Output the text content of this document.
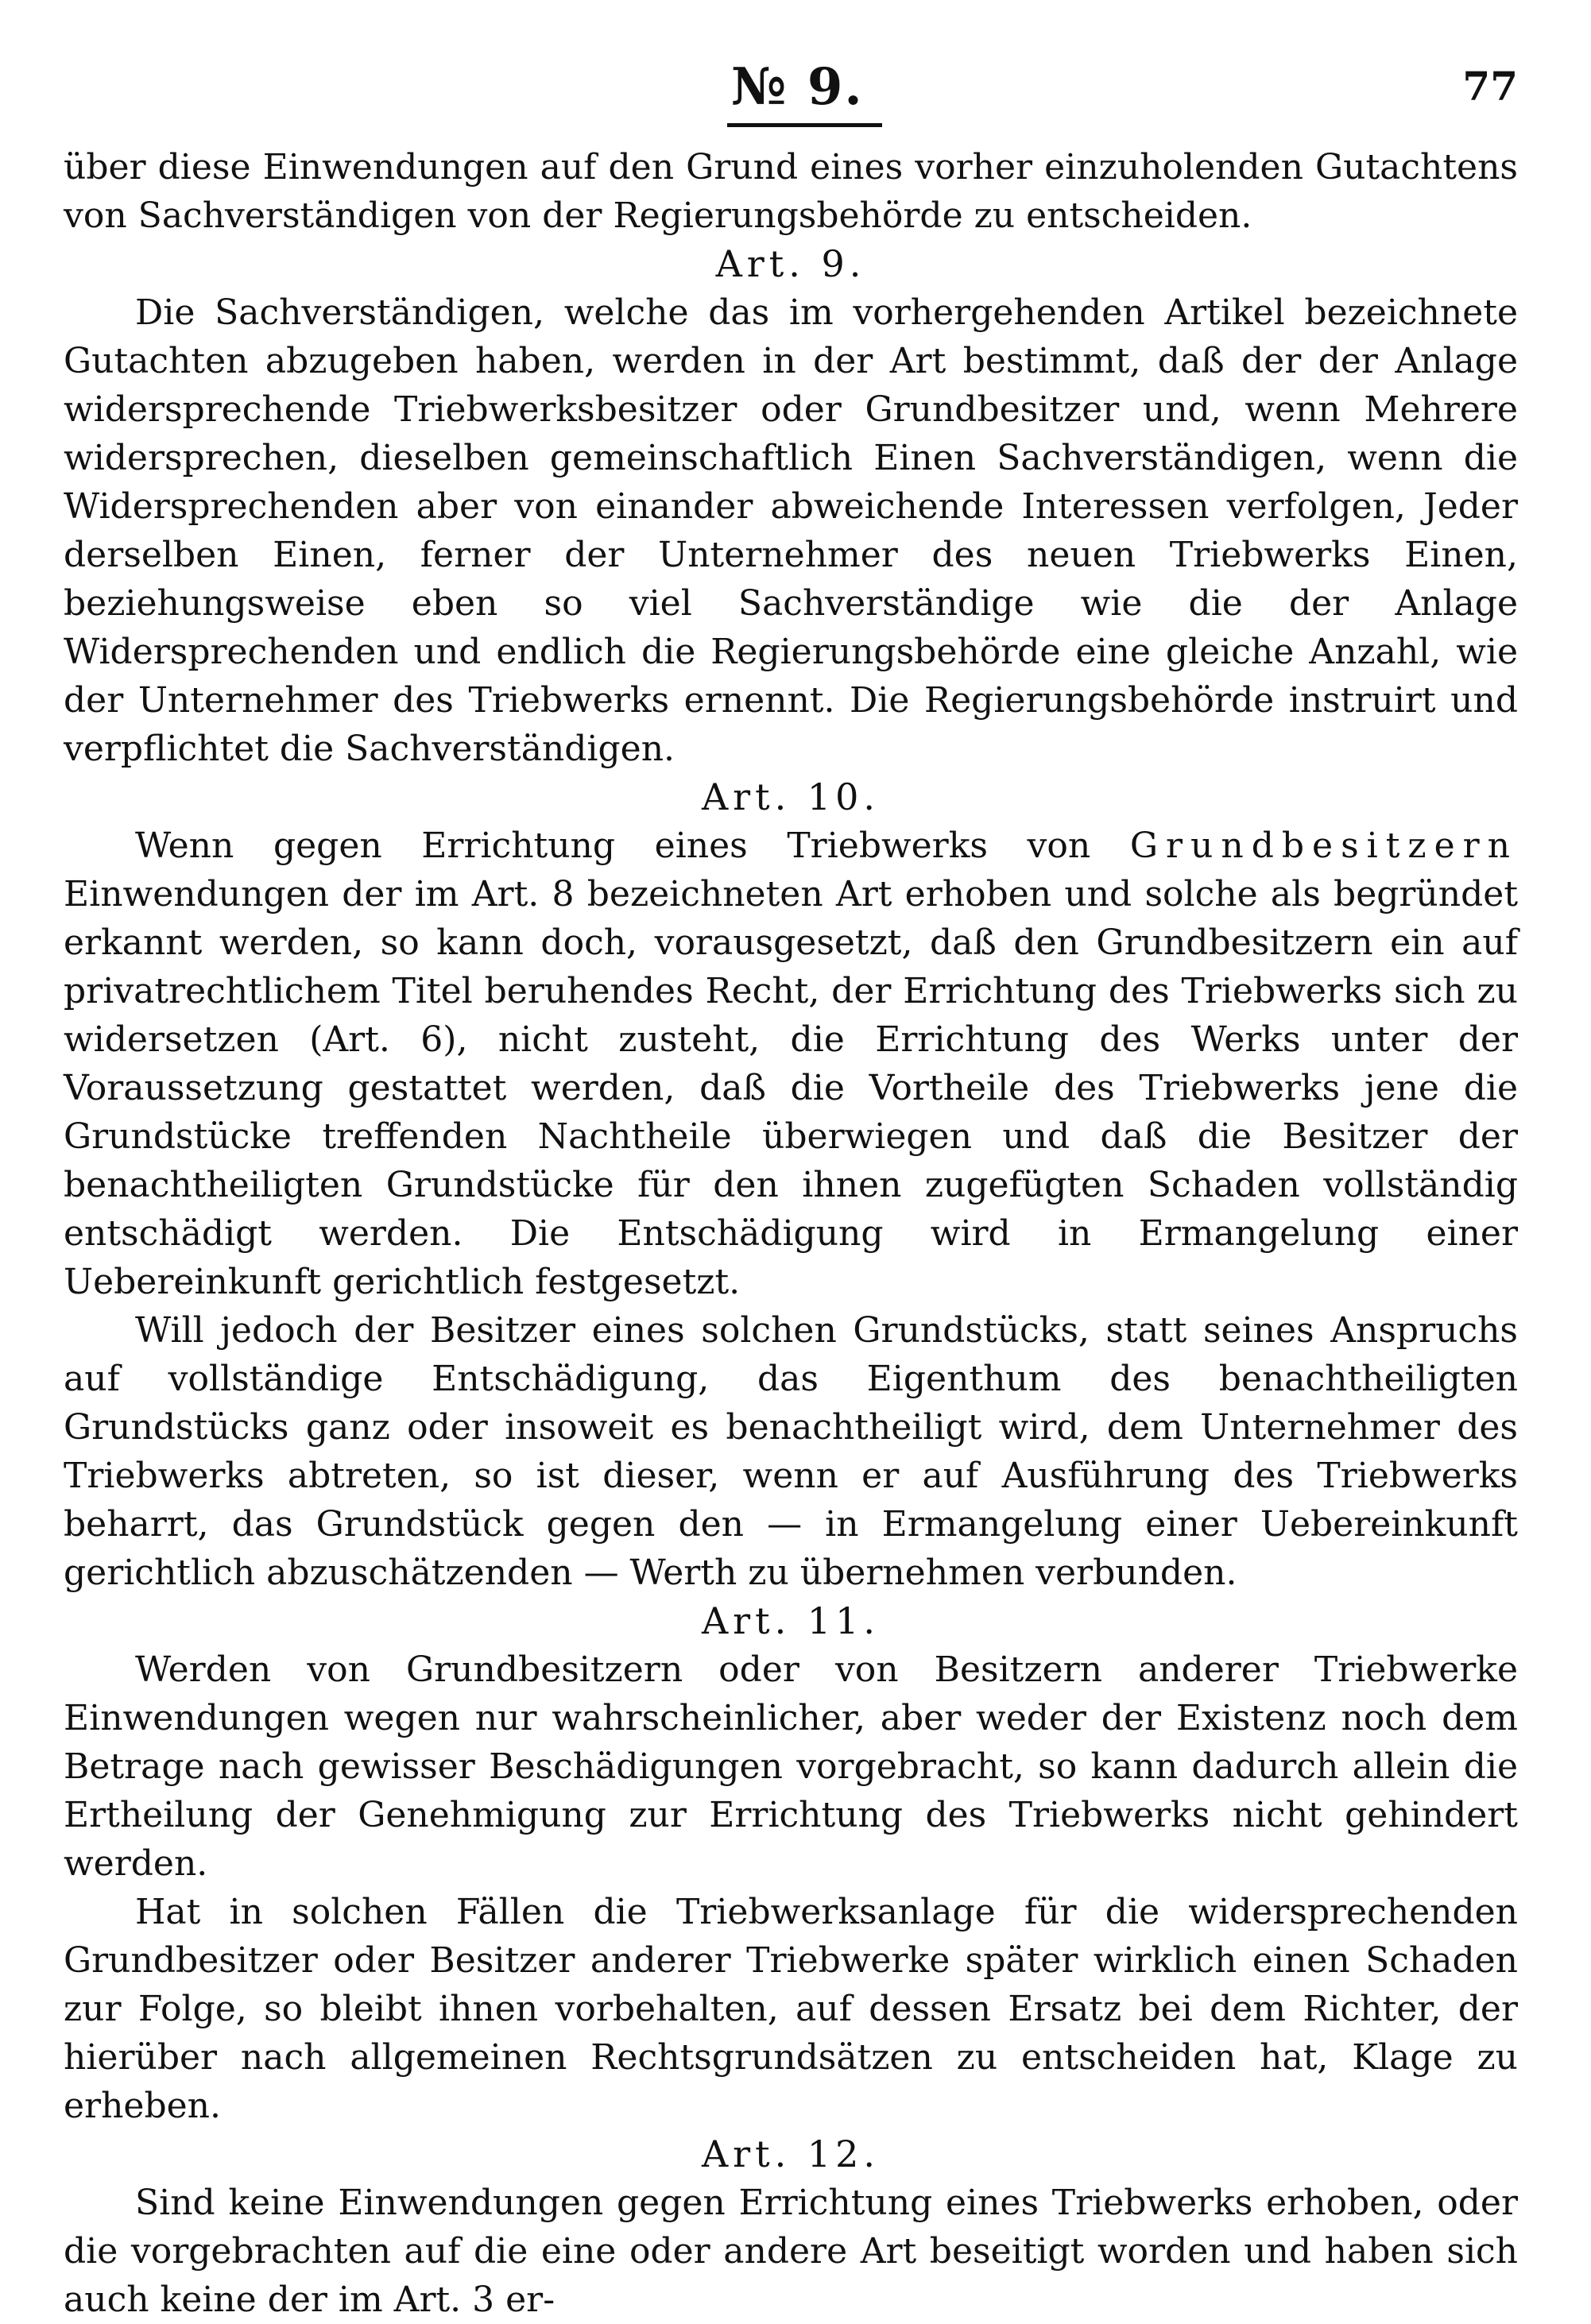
№ 9.	77

über diese Einwendungen auf den Grund eines vorher einzuholenden Gutachtens von Sachverständigen von der Regierungsbehörde zu entscheiden.

Art. 9.

Die Sachverständigen, welche das im vorhergehenden Artikel bezeichnete Gutachten abzugeben haben, werden in der Art bestimmt, daß der der Anlage widersprechende Triebwerksbesitzer oder Grundbesitzer und, wenn Mehrere widersprechen, dieselben gemeinschaftlich Einen Sachverständigen, wenn die Widersprechenden aber von einander abweichende Interessen verfolgen, Jeder derselben Einen, ferner der Unternehmer des neuen Triebwerks Einen, beziehungsweise eben so viel Sachverständige wie die der Anlage Widersprechenden und endlich die Regierungsbehörde eine gleiche Anzahl, wie der Unternehmer des Triebwerks ernennt. Die Regierungsbehörde instruirt und verpflichtet die Sachverständigen.

Art. 10.

Wenn gegen Errichtung eines Triebwerks von Grundbesitzern Einwendungen der im Art. 8 bezeichneten Art erhoben und solche als begründet erkannt werden, so kann doch, vorausgesetzt, daß den Grundbesitzern ein auf privatrechtlichem Titel beruhendes Recht, der Errichtung des Triebwerks sich zu widersetzen (Art. 6), nicht zusteht, die Errichtung des Werks unter der Voraussetzung gestattet werden, daß die Vortheile des Triebwerks jene die Grundstücke treffenden Nachtheile überwiegen und daß die Besitzer der benachtheiligten Grundstücke für den ihnen zugefügten Schaden vollständig entschädigt werden. Die Entschädigung wird in Ermangelung einer Uebereinkunft gerichtlich festgesetzt.

Will jedoch der Besitzer eines solchen Grundstücks, statt seines Anspruchs auf vollständige Entschädigung, das Eigenthum des benachtheiligten Grundstücks ganz oder insoweit es benachtheiligt wird, dem Unternehmer des Triebwerks abtreten, so ist dieser, wenn er auf Ausführung des Triebwerks beharrt, das Grundstück gegen den — in Ermangelung einer Uebereinkunft gerichtlich abzuschätzenden — Werth zu übernehmen verbunden.

Art. 11.

Werden von Grundbesitzern oder von Besitzern anderer Triebwerke Einwendungen wegen nur wahrscheinlicher, aber weder der Existenz noch dem Betrage nach gewisser Beschädigungen vorgebracht, so kann dadurch allein die Ertheilung der Genehmigung zur Errichtung des Triebwerks nicht gehindert werden.

Hat in solchen Fällen die Triebwerksanlage für die widersprechenden Grundbesitzer oder Besitzer anderer Triebwerke später wirklich einen Schaden zur Folge, so bleibt ihnen vorbehalten, auf dessen Ersatz bei dem Richter, der hierüber nach allgemeinen Rechtsgrundsätzen zu entscheiden hat, Klage zu erheben.

Art. 12.

Sind keine Einwendungen gegen Errichtung eines Triebwerks erhoben, oder die vorgebrachten auf die eine oder andere Art beseitigt worden und haben sich auch keine der im Art. 3 er-
